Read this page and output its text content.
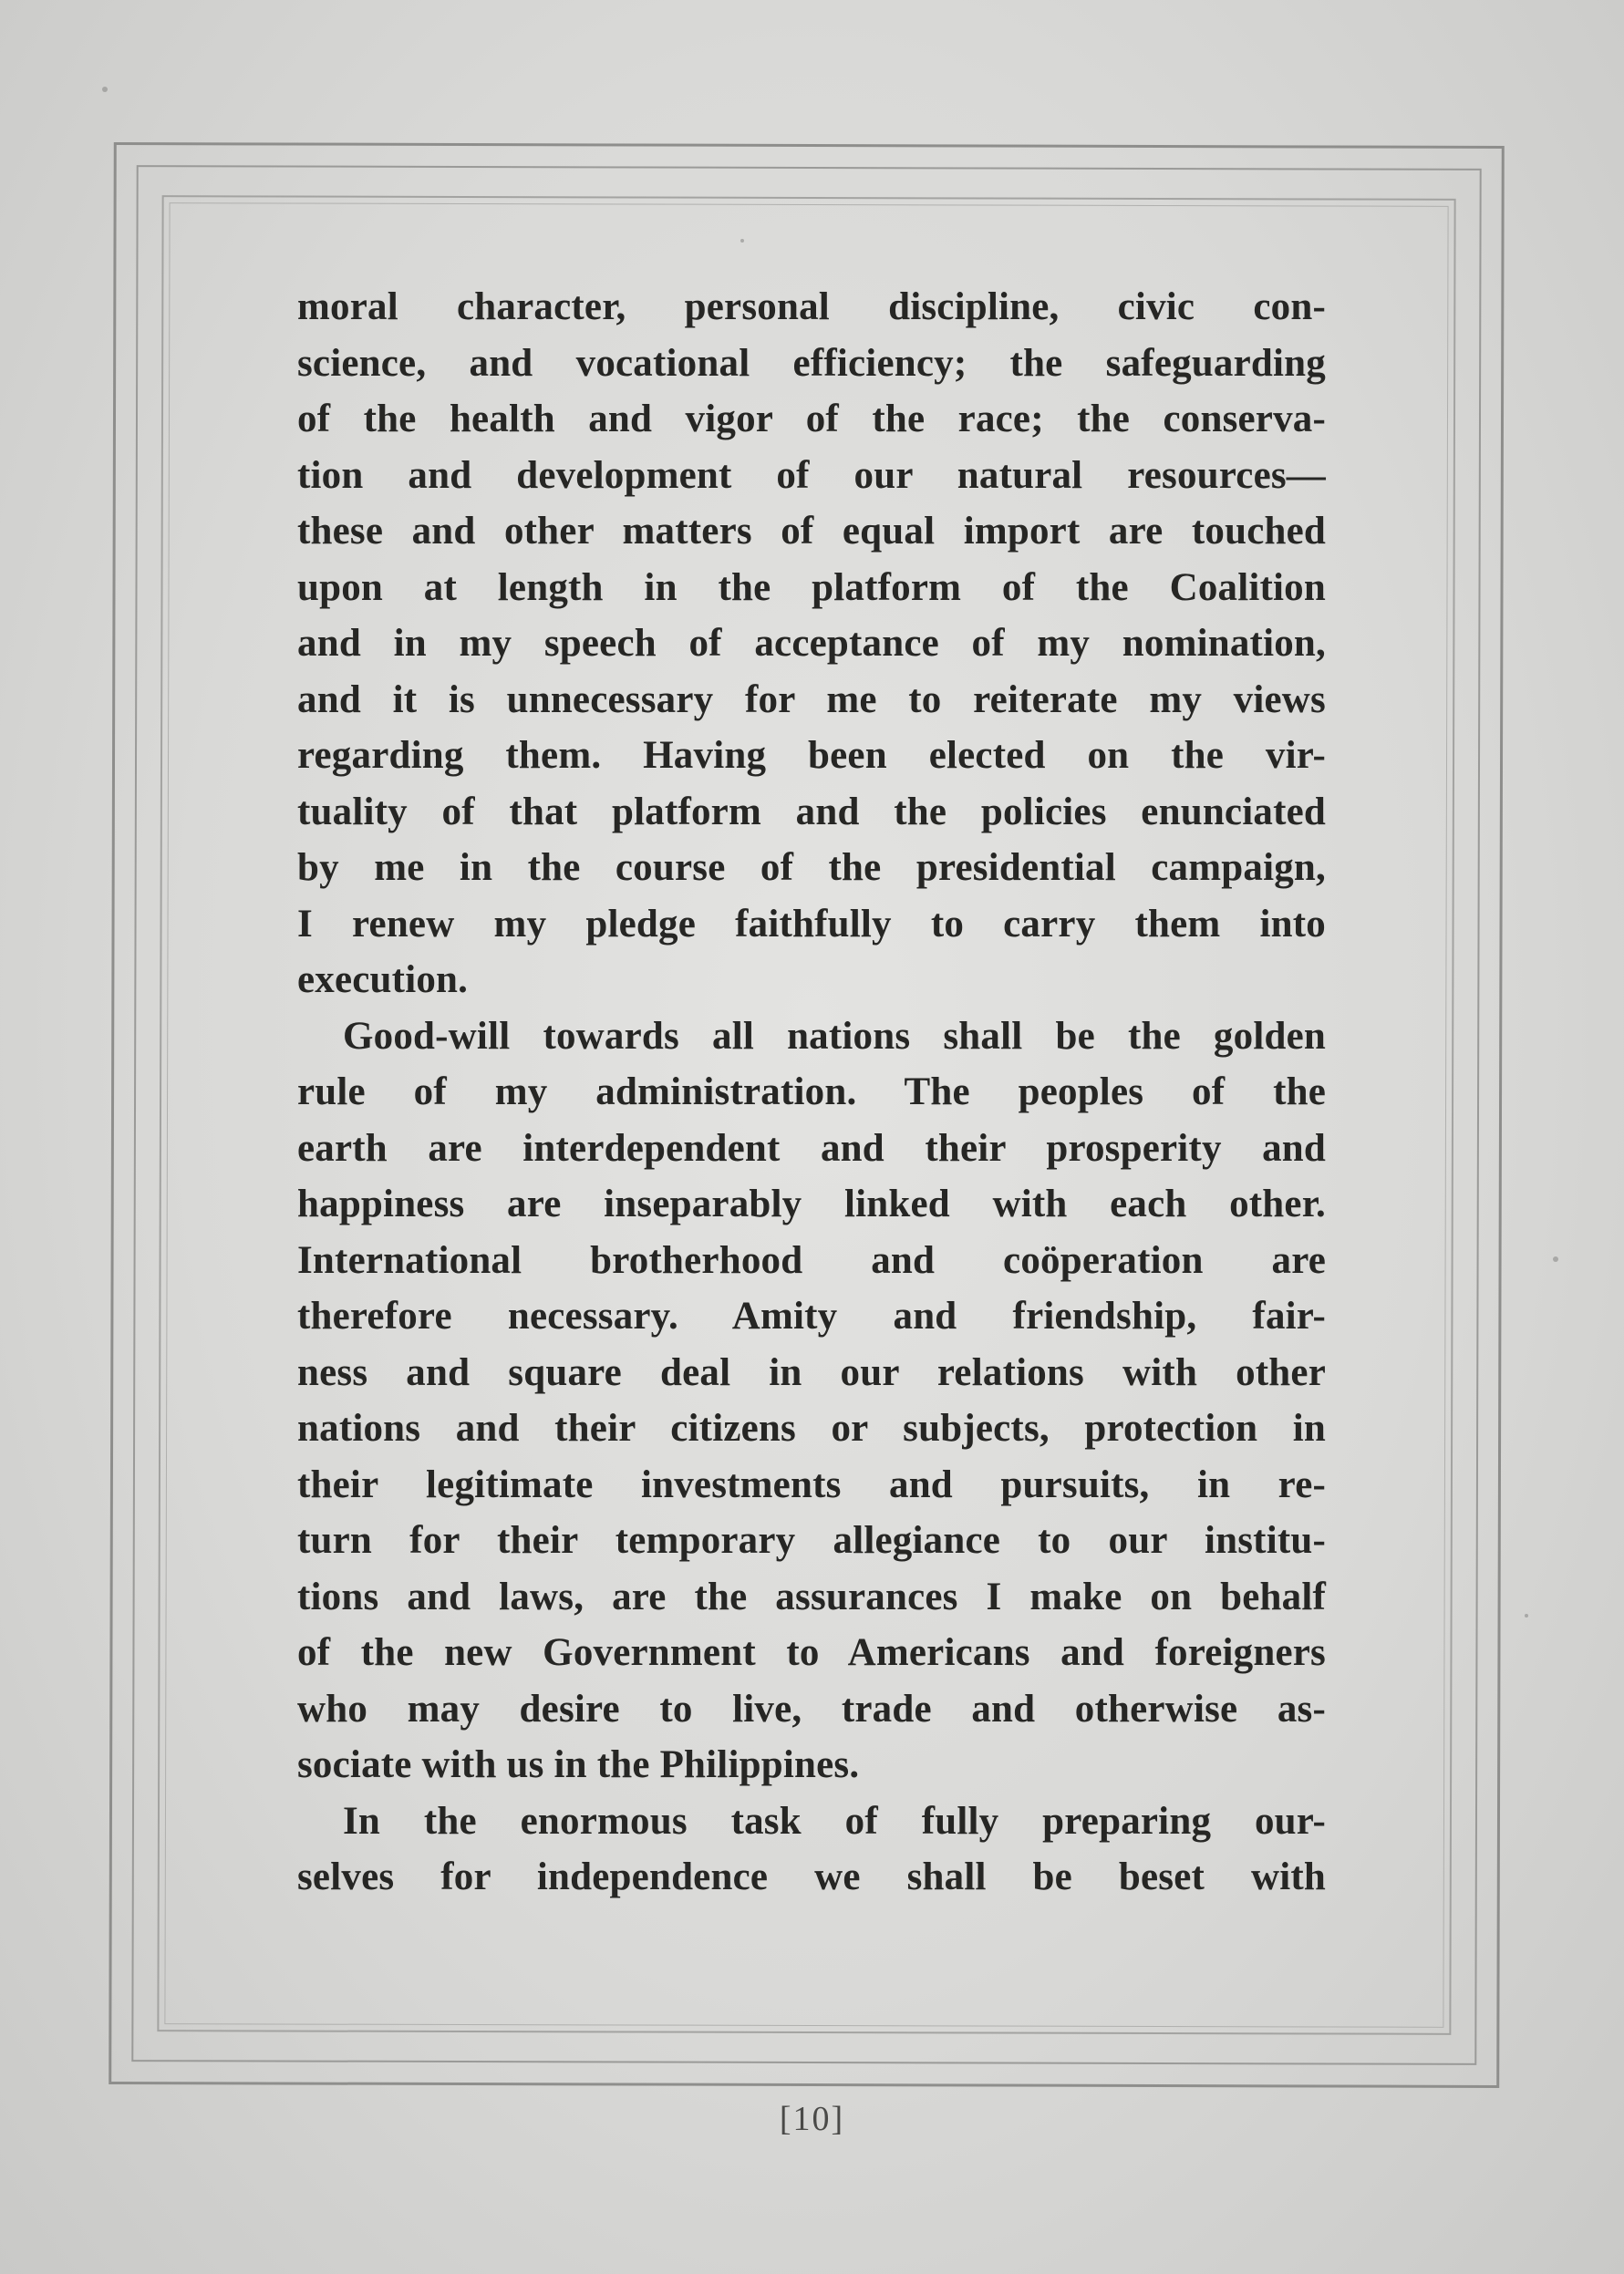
moral character, personal discipline, civic con-
science, and vocational efficiency; the safeguarding
of the health and vigor of the race; the conserva-
tion and development of our natural resources—
these and other matters of equal import are touched
upon at length in the platform of the Coalition
and in my speech of acceptance of my nomination,
and it is unnecessary for me to reiterate my views
regarding them. Having been elected on the vir-
tuality of that platform and the policies enunciated
by me in the course of the presidential campaign,
I renew my pledge faithfully to carry them into
execution.
Good-will towards all nations shall be the golden
rule of my administration. The peoples of the
earth are interdependent and their prosperity and
happiness are inseparably linked with each other.
International brotherhood and coöperation are
therefore necessary. Amity and friendship, fair-
ness and square deal in our relations with other
nations and their citizens or subjects, protection in
their legitimate investments and pursuits, in re-
turn for their temporary allegiance to our institu-
tions and laws, are the assurances I make on behalf
of the new Government to Americans and foreigners
who may desire to live, trade and otherwise as-
sociate with us in the Philippines.
In the enormous task of fully preparing our-
selves for independence we shall be beset with
[10]
